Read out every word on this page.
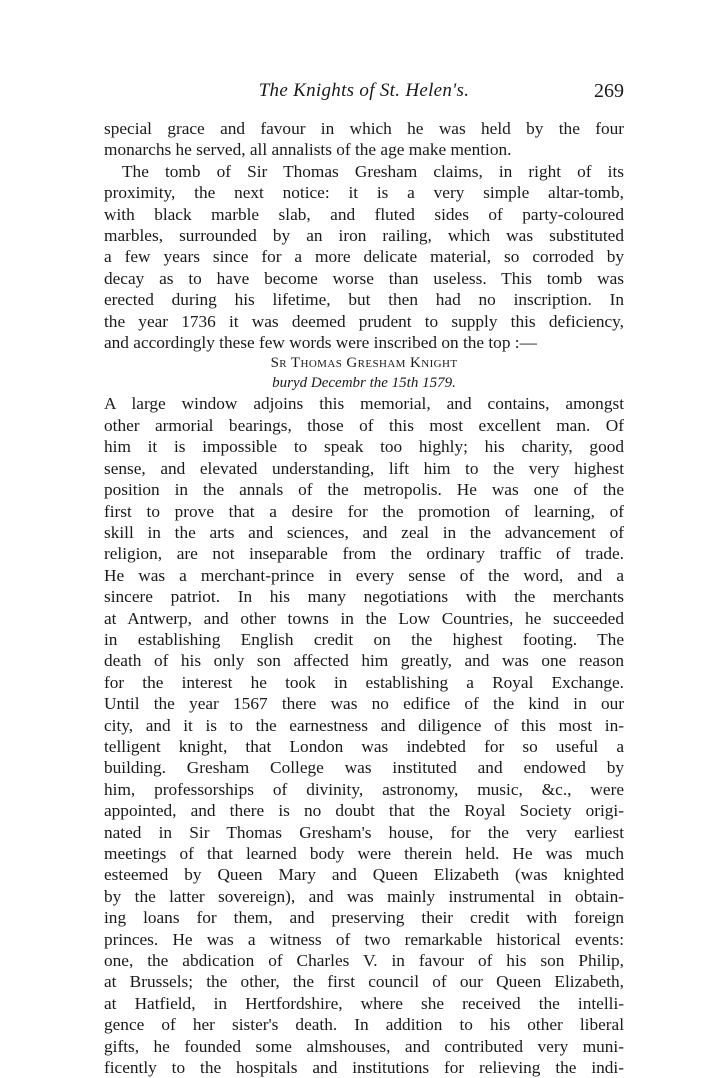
The Knights of St. Helen's.	269
special grace and favour in which he was held by the four
monarchs he served, all annalists of the age make mention.
The tomb of Sir Thomas Gresham claims, in right of its
proximity, the next notice: it is a very simple altar-tomb,
with black marble slab, and fluted sides of party-coloured
marbles, surrounded by an iron railing, which was substituted
a few years since for a more delicate material, so corroded by
decay as to have become worse than useless. This tomb was
erected during his lifetime, but then had no inscription. In
the year 1736 it was deemed prudent to supply this deficiency,
and accordingly these few words were inscribed on the top :—
Sr Thomas Gresham Knight
buryd Decembr the 15th 1579.
A large window adjoins this memorial, and contains, amongst
other armorial bearings, those of this most excellent man. Of
him it is impossible to speak too highly; his charity, good
sense, and elevated understanding, lift him to the very highest
position in the annals of the metropolis. He was one of the
first to prove that a desire for the promotion of learning, of
skill in the arts and sciences, and zeal in the advancement of
religion, are not inseparable from the ordinary traffic of trade.
He was a merchant-prince in every sense of the word, and a
sincere patriot. In his many negotiations with the merchants
at Antwerp, and other towns in the Low Countries, he succeeded
in establishing English credit on the highest footing. The
death of his only son affected him greatly, and was one reason
for the interest he took in establishing a Royal Exchange.
Until the year 1567 there was no edifice of the kind in our
city, and it is to the earnestness and diligence of this most in-
telligent knight, that London was indebted for so useful a
building. Gresham College was instituted and endowed by
him, professorships of divinity, astronomy, music, &c., were
appointed, and there is no doubt that the Royal Society origi-
nated in Sir Thomas Gresham's house, for the very earliest
meetings of that learned body were therein held. He was much
esteemed by Queen Mary and Queen Elizabeth (was knighted
by the latter sovereign), and was mainly instrumental in obtain-
ing loans for them, and preserving their credit with foreign
princes. He was a witness of two remarkable historical events:
one, the abdication of Charles V. in favour of his son Philip,
at Brussels; the other, the first council of our Queen Elizabeth,
at Hatfield, in Hertfordshire, where she received the intelli-
gence of her sister's death. In addition to his other liberal
gifts, he founded some almshouses, and contributed very muni-
ficently to the hospitals and institutions for relieving the indi-
